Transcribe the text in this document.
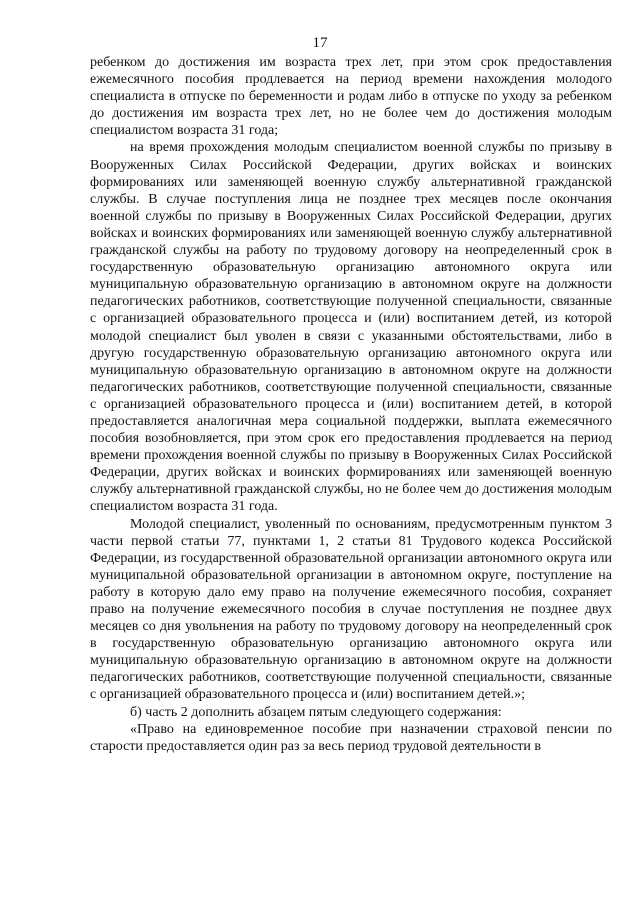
17

ребенком до достижения им возраста трех лет, при этом срок предоставления ежемесячного пособия продлевается на период времени нахождения молодого специалиста в отпуске по беременности и родам либо в отпуске по уходу за ребенком до достижения им возраста трех лет, но не более чем до достижения молодым специалистом возраста 31 года;

на время прохождения молодым специалистом военной службы по призыву в Вооруженных Силах Российской Федерации, других войсках и воинских формированиях или заменяющей военную службу альтернативной гражданской службы. В случае поступления лица не позднее трех месяцев после окончания военной службы по призыву в Вооруженных Силах Российской Федерации, других войсках и воинских формированиях или заменяющей военную службу альтернативной гражданской службы на работу по трудовому договору на неопределенный срок в государственную образовательную организацию автономного округа или муниципальную образовательную организацию в автономном округе на должности педагогических работников, соответствующие полученной специальности, связанные с организацией образовательного процесса и (или) воспитанием детей, из которой молодой специалист был уволен в связи с указанными обстоятельствами, либо в другую государственную образовательную организацию автономного округа или муниципальную образовательную организацию в автономном округе на должности педагогических работников, соответствующие полученной специальности, связанные с организацией образовательного процесса и (или) воспитанием детей, в которой предоставляется аналогичная мера социальной поддержки, выплата ежемесячного пособия возобновляется, при этом срок его предоставления продлевается на период времени прохождения военной службы по призыву в Вооруженных Силах Российской Федерации, других войсках и воинских формированиях или заменяющей военную службу альтернативной гражданской службы, но не более чем до достижения молодым специалистом возраста 31 года.

Молодой специалист, уволенный по основаниям, предусмотренным пунктом 3 части первой статьи 77, пунктами 1, 2 статьи 81 Трудового кодекса Российской Федерации, из государственной образовательной организации автономного округа или муниципальной образовательной организации в автономном округе, поступление на работу в которую дало ему право на получение ежемесячного пособия, сохраняет право на получение ежемесячного пособия в случае поступления не позднее двух месяцев со дня увольнения на работу по трудовому договору на неопределенный срок в государственную образовательную организацию автономного округа или муниципальную образовательную организацию в автономном округе на должности педагогических работников, соответствующие полученной специальности, связанные с организацией образовательного процесса и (или) воспитанием детей.»;

б) часть 2 дополнить абзацем пятым следующего содержания:

«Право на единовременное пособие при назначении страховой пенсии по старости предоставляется один раз за весь период трудовой деятельности в
